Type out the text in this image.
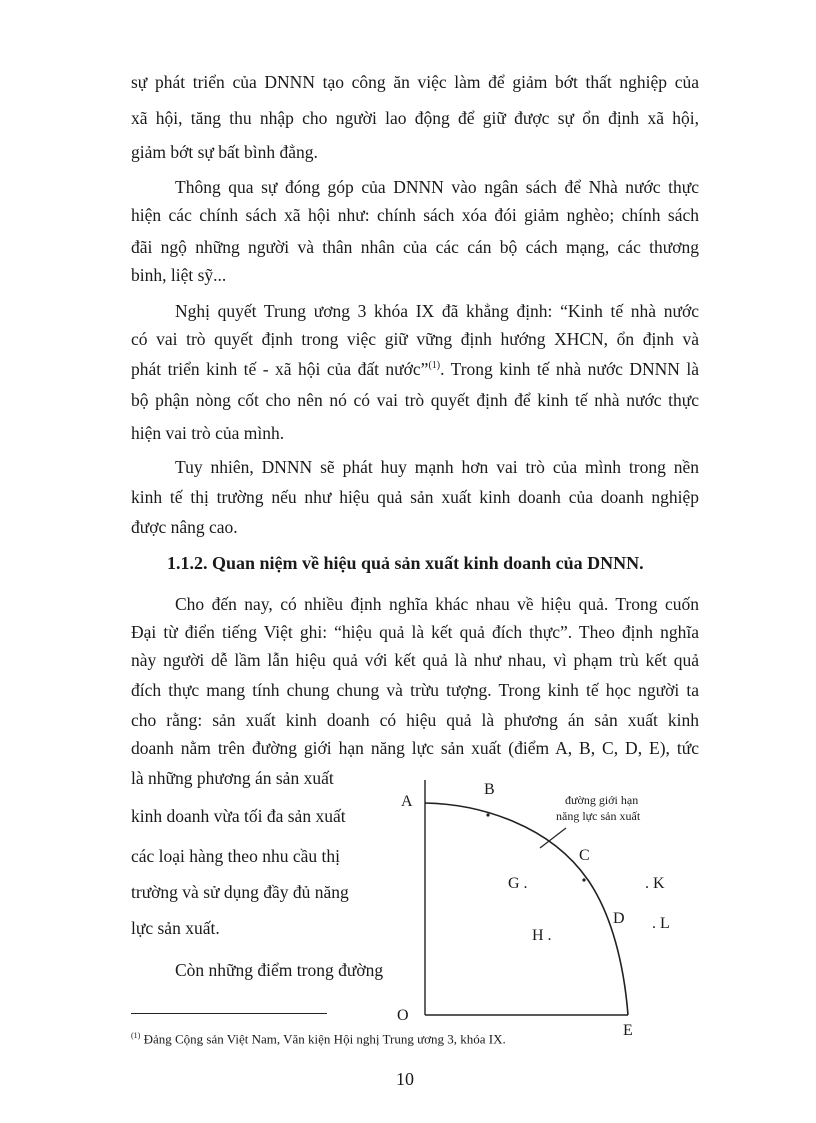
sự phát triển của DNNN tạo công ăn việc làm để giảm bớt thất nghiệp của
xã hội, tăng thu nhập cho người lao động để giữ được sự ổn định xã hội,
giảm bớt sự bất bình đẳng.
Thông qua sự đóng góp của DNNN vào ngân sách để Nhà nước thực
hiện các chính sách xã hội như: chính sách xóa đói giảm nghèo; chính sách
đãi ngộ những người và thân nhân của các cán bộ cách mạng, các thương
binh, liệt sỹ...
Nghị quyết Trung ương 3 khóa IX đã khẳng định: “Kinh tế nhà nước
có vai trò quyết định trong việc giữ vững định hướng XHCN, ổn định và
phát triển kinh tế - xã hội của đất nước”$^{(1)}$. Trong kinh tế nhà nước DNNN là
bộ phận nòng cốt cho nên nó có vai trò quyết định để kinh tế nhà nước thực
hiện vai trò của mình.
Tuy nhiên, DNNN sẽ phát huy mạnh hơn vai trò của mình trong nền
kinh tế thị trường nếu như hiệu quả sản xuất kinh doanh của doanh nghiệp
được nâng cao.
1.1.2. Quan niệm về hiệu quả sản xuất kinh doanh của DNNN.
Cho đến nay, có nhiều định nghĩa khác nhau về hiệu quả. Trong cuốn
Đại từ điển tiếng Việt ghi: “hiệu quả là kết quả đích thực”. Theo định nghĩa
này người dễ lầm lẫn hiệu quả với kết quả là như nhau, vì phạm trù kết quả
đích thực mang tính chung chung và trừu tượng. Trong kinh tế học người ta
cho rằng: sản xuất kinh doanh có hiệu quả là phương án sản xuất kinh
doanh nằm trên đường giới hạn năng lực sản xuất (điểm A, B, C, D, E), tức
là những phương án sản xuất
kinh doanh vừa tối đa sản xuất
các loại hàng theo nhu cầu thị
trường và sử dụng đầy đủ năng
lực sản xuất.
Còn những điểm trong đường
A
B
C
D
E
G .
H .
. K
. L
O
đường giới hạn
năng lực sản xuất
$^{(1)}$ Đảng Cộng sản Việt Nam, Văn kiện Hội nghị Trung ương 3, khóa IX.
10
